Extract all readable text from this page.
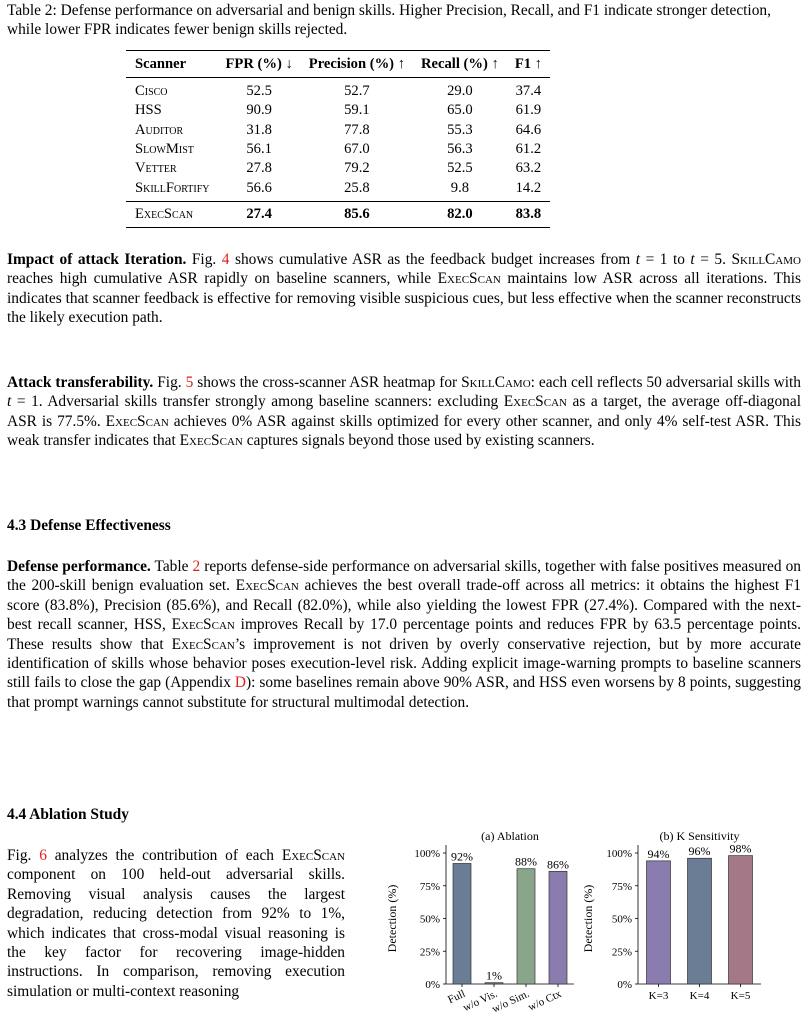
Table 2: Defense performance on adversarial and benign skills. Higher Precision, Recall, and F1 indicate stronger detection, while lower FPR indicates fewer benign skills rejected.
Scanner	FPR (%) ↓	Precision (%) ↑	Recall (%) ↑	F1 ↑
Cisco	52.5	52.7	29.0	37.4
HSS	90.9	59.1	65.0	61.9
Auditor	31.8	77.8	55.3	64.6
SlowMist	56.1	67.0	56.3	61.2
Vetter	27.8	79.2	52.5	63.2
SkillFortify	56.6	25.8	9.8	14.2
ExecScan	27.4	85.6	82.0	83.8
Impact of attack Iteration. Fig. 4 shows cumulative ASR as the feedback budget increases from t = 1 to t = 5. SkillCamo reaches high cumulative ASR rapidly on baseline scanners, while ExecScan maintains low ASR across all iterations. This indicates that scanner feedback is effective for removing visible suspicious cues, but less effective when the scanner reconstructs the likely execution path.
Attack transferability. Fig. 5 shows the cross-scanner ASR heatmap for SkillCamo: each cell reflects 50 adversarial skills with t = 1. Adversarial skills transfer strongly among baseline scanners: excluding ExecScan as a target, the average off-diagonal ASR is 77.5%. ExecScan achieves 0% ASR against skills optimized for every other scanner, and only 4% self-test ASR. This weak transfer indicates that ExecScan captures signals beyond those used by existing scanners.
4.3 Defense Effectiveness
Defense performance. Table 2 reports defense-side performance on adversarial skills, together with false positives measured on the 200-skill benign evaluation set. ExecScan achieves the best overall trade-off across all metrics: it obtains the highest F1 score (83.8%), Precision (85.6%), and Recall (82.0%), while also yielding the lowest FPR (27.4%). Compared with the next-best recall scanner, HSS, ExecScan improves Recall by 17.0 percentage points and reduces FPR by 63.5 percentage points. These results show that ExecScan’s improvement is not driven by overly conservative rejection, but by more accurate identification of skills whose behavior poses execution-level risk. Adding explicit image-warning prompts to baseline scanners still fails to close the gap (Appendix D): some baselines remain above 90% ASR, and HSS even worsens by 8 points, suggesting that prompt warnings cannot substitute for structural multimodal detection.
4.4 Ablation Study
Fig. 6 analyzes the contribution of each ExecScan component on 100 held-out adversarial skills. Removing visual analysis causes the largest degradation, reducing detection from 92% to 1%, which indicates that cross-modal visual reasoning is the key factor for recovering image-hidden instructions. In comparison, removing execution simulation or multi-context reasoning
(a) Ablation
Detection (%)
0%
25%
50%
75%
100% 92%
Full
1%
w/o Vis.
88%
w/o Sim.
86%
w/o Ctx
(b) K Sensitivity
Detection (%)
0%
25%
50%
75%
100% 94%
K=3
96%
K=4
98%
K=5
